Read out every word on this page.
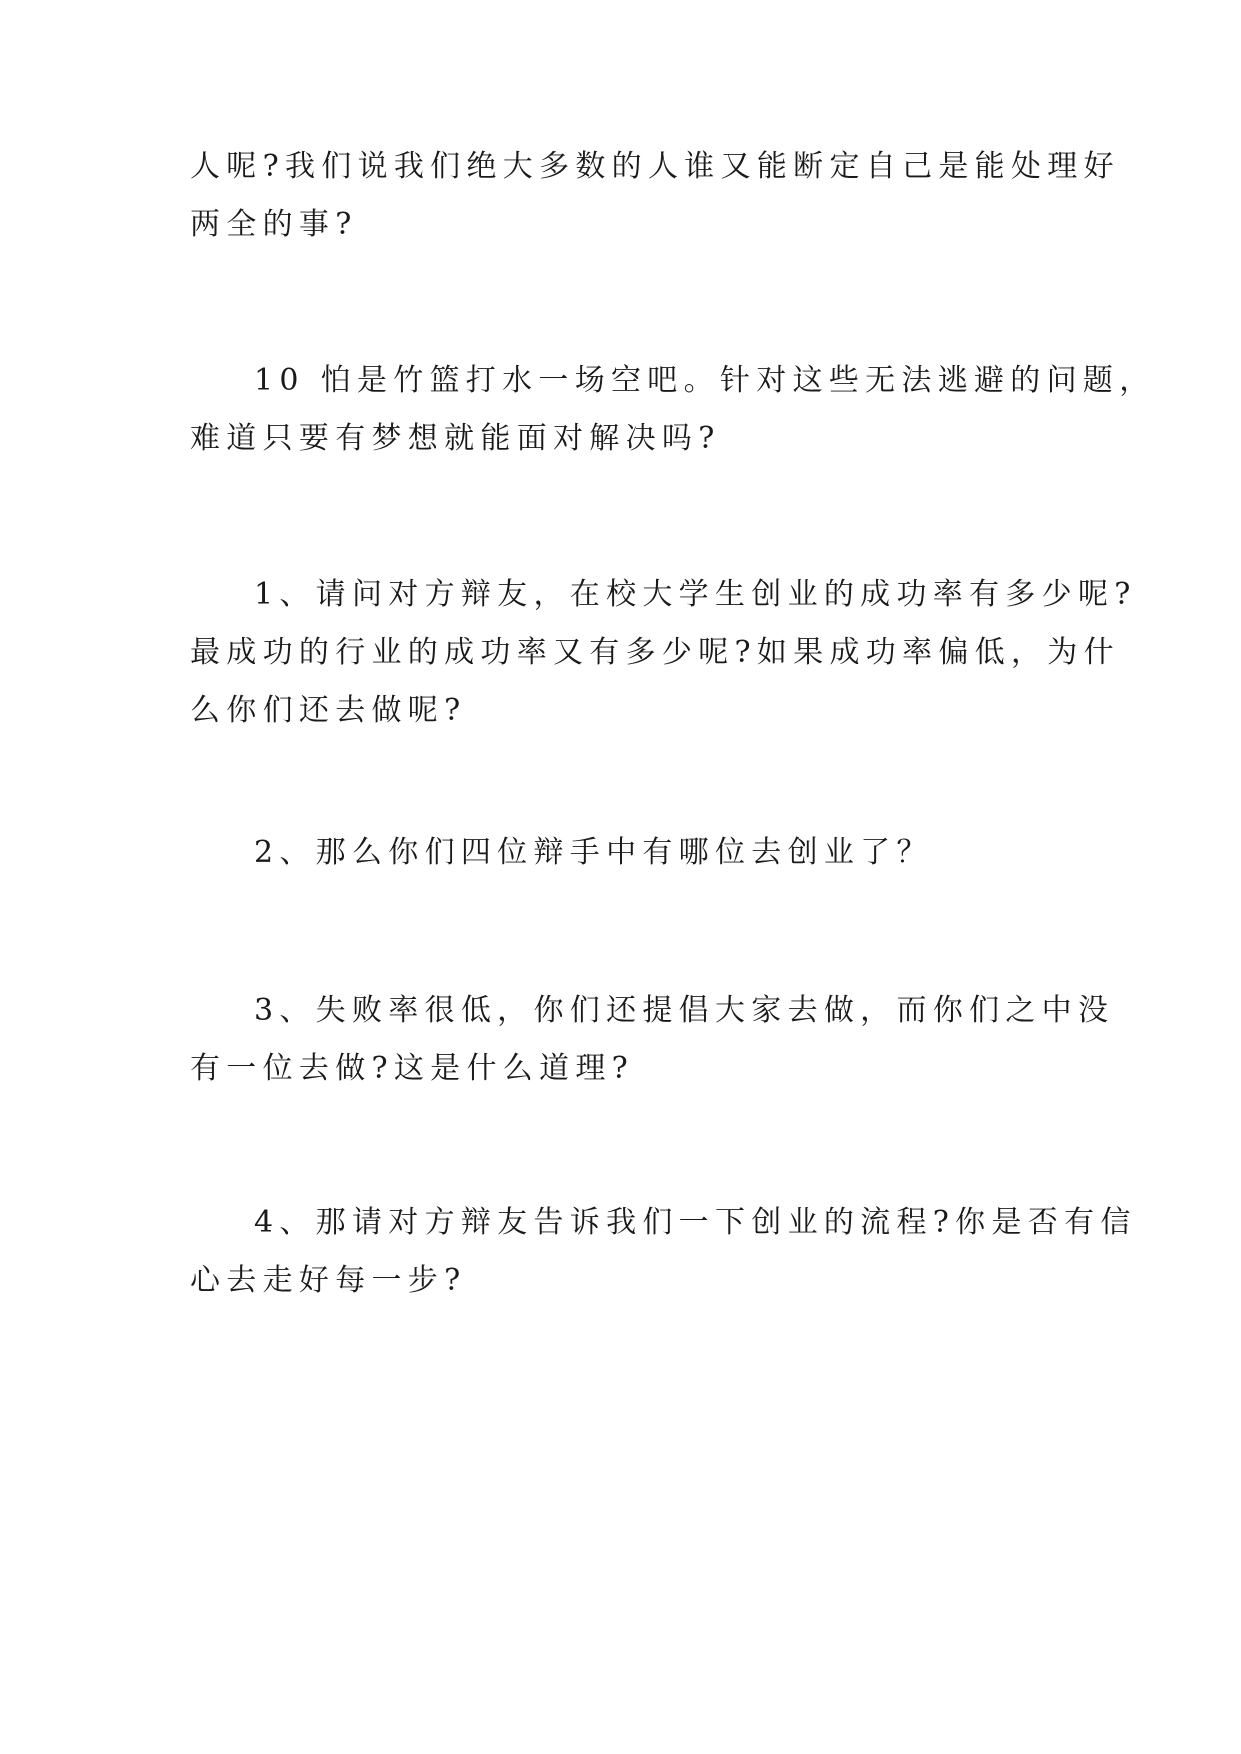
人呢?我们说我们绝大多数的人谁又能断定自己是能处理好
两全的事?

10 怕是竹篮打水一场空吧。针对这些无法逃避的问题，
难道只要有梦想就能面对解决吗?

1、请问对方辩友，在校大学生创业的成功率有多少呢?
最成功的行业的成功率又有多少呢?如果成功率偏低，为什
么你们还去做呢?

2、那么你们四位辩手中有哪位去创业了？

3、失败率很低，你们还提倡大家去做，而你们之中没
有一位去做?这是什么道理?

4、那请对方辩友告诉我们一下创业的流程?你是否有信
心去走好每一步?
